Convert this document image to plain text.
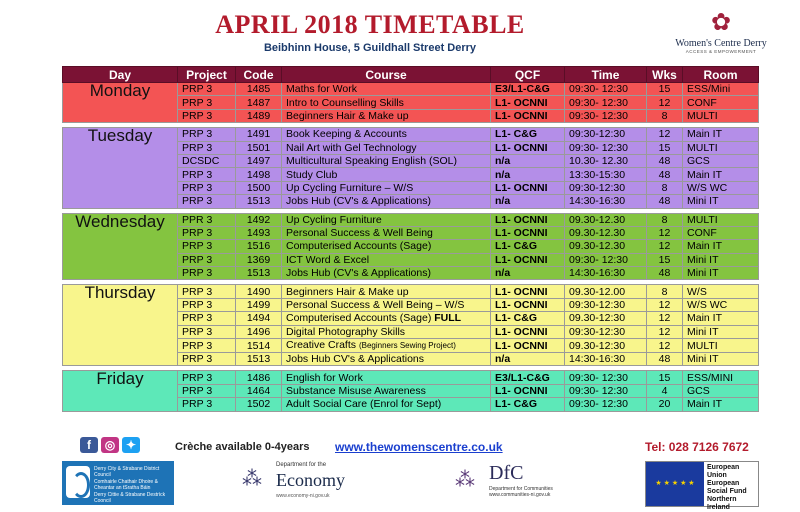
APRIL 2018 TIMETABLE
Beibhinn House, 5 Guildhall Street Derry
✿
Women's Centre Derry
ACCESS & EMPOWERMENT
Day	Project	Code	Course	QCF	Time	Wks	Room
Monday	PRP 3	1485	Maths for Work	E3/L1-C&G	09:30- 12:30	15	ESS/Mini
	PRP 3	1487	Intro to Counselling Skills	L1- OCNNI	09:30- 12:30	12	CONF
	PRP 3	1489	Beginners Hair & Make up	L1- OCNNI	09:30- 12:30	8	MULTI

Tuesday	PRP 3	1491	Book Keeping & Accounts	L1- C&G	09:30-12:30	12	Main IT
	PRP 3	1501	Nail Art with Gel Technology	L1- OCNNI	09:30- 12:30	15	MULTI
	DCSDC	1497	Multicultural Speaking English (SOL)	n/a	10.30- 12.30	48	GCS
	PRP 3	1498	Study Club	n/a	13:30-15:30	48	Main IT
	PRP 3	1500	Up Cycling Furniture – W/S	L1- OCNNI	09:30-12:30	8	W/S WC
	PRP 3	1513	Jobs Hub (CV's & Applications)	n/a	14:30-16:30	48	Mini IT

Wednesday	PPR 3	1492	Up Cycling Furniture	L1- OCNNI	09.30-12.30	8	MULTI
	PRP 3	1493	Personal Success & Well Being	L1- OCNNI	09.30-12.30	12	CONF
	PRP 3	1516	Computerised Accounts (Sage)	L1- C&G	09.30-12.30	12	Main IT
	PRP 3	1369	ICT Word & Excel	L1- OCNNI	09:30- 12:30	15	Mini IT
	PRP 3	1513	Jobs Hub (CV's & Applications)	n/a	14:30-16:30	48	Mini IT

Thursday	PRP 3	1490	Beginners Hair & Make up	L1- OCNNI	09.30-12.00	8	W/S
	PRP 3	1499	Personal Success & Well Being – W/S	L1- OCNNI	09:30-12:30	12	W/S WC
	PRP 3	1494	Computerised Accounts (Sage) FULL	L1- C&G	09.30-12:30	12	Main IT
	PRP 3	1496	Digital Photography Skills	L1- OCNNI	09:30-12:30	12	Mini IT
	PRP 3	1514	Creative Crafts (Beginners Sewing Project)	L1- OCNNI	09.30-12:30	12	MULTI
	PRP 3	1513	Jobs Hub CV's & Applications	n/a	14:30-16:30	48	Mini IT

Friday	PRP 3	1486	English for Work	E3/L1-C&G	09:30- 12:30	15	ESS/MINI
	PRP 3	1464	Substance Misuse Awareness	L1- OCNNI	09:30- 12:30	4	GCS
	PRP 3	1502	Adult Social Care (Enrol for Sept)	L1- C&G	09:30- 12:30	20	Main IT
f ◎ ✦	Crèche available 0-4years www.thewomenscentre.co.uk	Tel: 028 7126 7672
Derry City & Strabane District Council
Comhairle Chathair Dhoire & Cheantar an tSratha Báin
Derry Cittie & Strabane Destrìck Cooncil
⁂
Department for the
Economy
www.economy-ni.gov.uk
⁂ DfC
Department for Communities
www.communities-ni.gov.uk
★ ★ ★ ★ ★
European
Union
European
Social Fund
Northern Ireland
